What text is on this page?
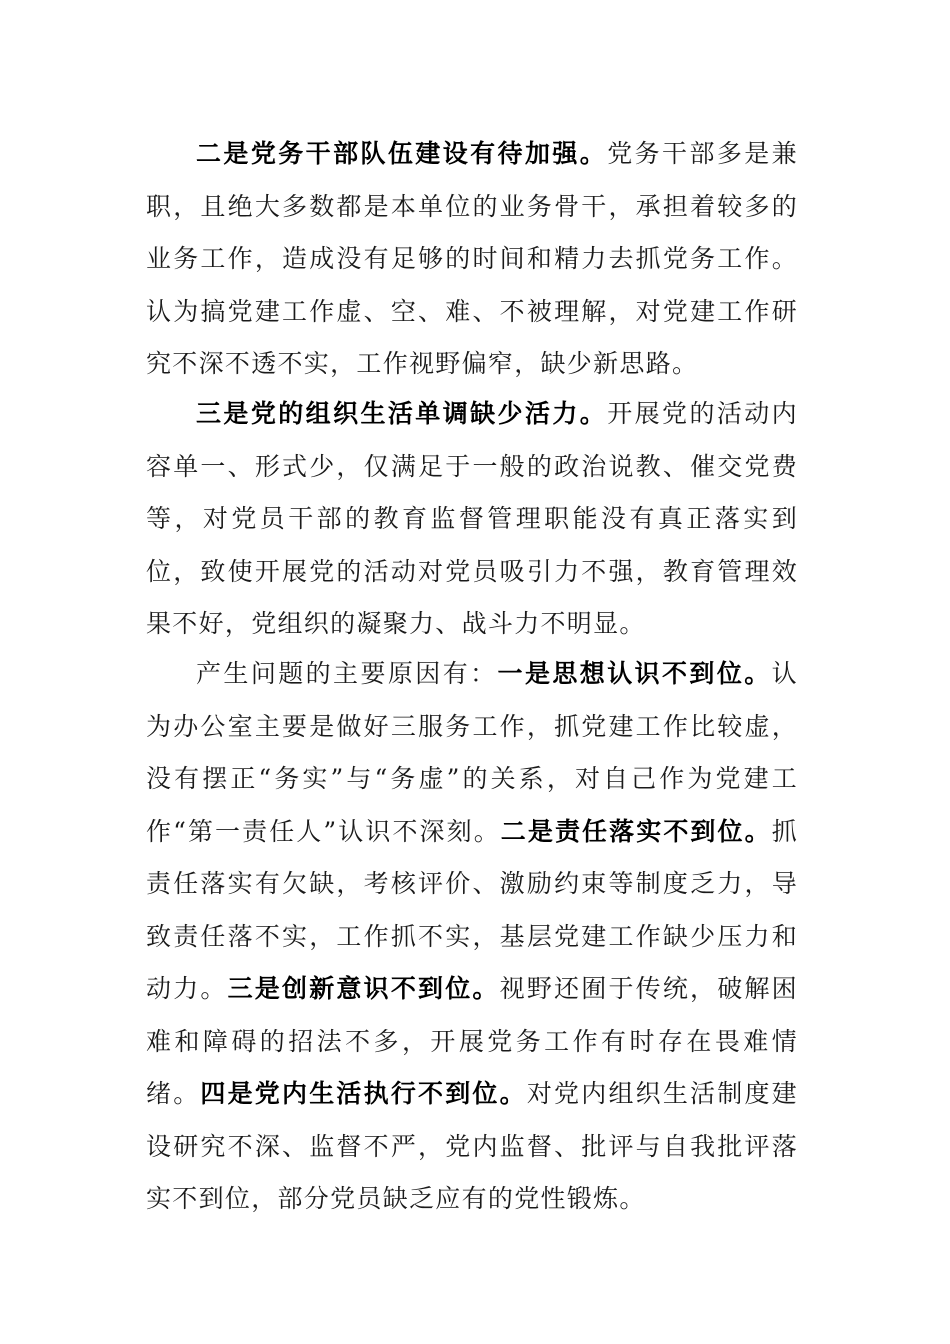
二是党务干部队伍建设有待加强。党务干部多是兼职，且绝大多数都是本单位的业务骨干，承担着较多的业务工作，造成没有足够的时间和精力去抓党务工作。认为搞党建工作虚、空、难、不被理解，对党建工作研究不深不透不实，工作视野偏窄，缺少新思路。

三是党的组织生活单调缺少活力。开展党的活动内容单一、形式少，仅满足于一般的政治说教、催交党费等，对党员干部的教育监督管理职能没有真正落实到位，致使开展党的活动对党员吸引力不强，教育管理效果不好，党组织的凝聚力、战斗力不明显。

产生问题的主要原因有：一是思想认识不到位。认为办公室主要是做好三服务工作，抓党建工作比较虚，没有摆正“务实”与“务虚”的关系，对自己作为党建工作“第一责任人”认识不深刻。二是责任落实不到位。抓责任落实有欠缺，考核评价、激励约束等制度乏力，导致责任落不实，工作抓不实，基层党建工作缺少压力和动力。三是创新意识不到位。视野还囿于传统，破解困难和障碍的招法不多，开展党务工作有时存在畏难情绪。四是党内生活执行不到位。对党内组织生活制度建设研究不深、监督不严，党内监督、批评与自我批评落实不到位，部分党员缺乏应有的党性锻炼。
